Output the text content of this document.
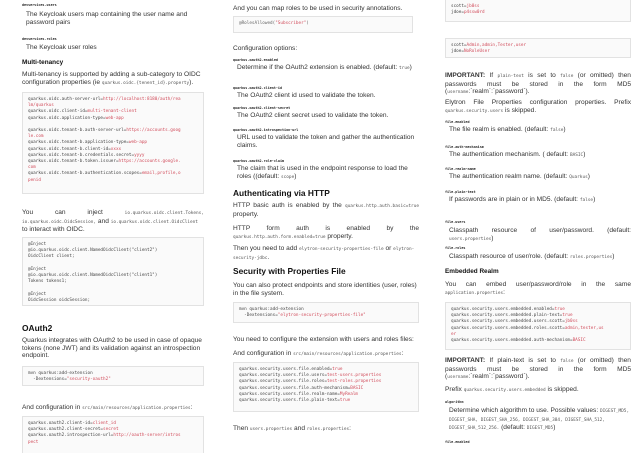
devservices.users
The Keycloak users map containing the user name and password pairs
devservices.roles
The Keycloak user roles
Multi-tenancy
Multi-tenancy is supported by adding a sub-category to OIDC configuration properties (ie quarkus.oidc.{tenent_id}.property).
quarkus.oidc.auth-server-url=http://localhost:8180/auth/rea
lm/quarkus
quarkus.oidc.client-id=multi-tenant-client
quarkus.oidc.application-type=web-app

quarkus.oidc.tenant-b.auth-server-url=https://accounts.goog
le.com
quarkus.oidc.tenant-b.application-type=web-app
quarkus.oidc.tenant-b.client-id=xxxx
quarkus.oidc.tenant-b.credentials.secret=yyyy
quarkus.oidc.tenant-b.token.issuer=https://accounts.google.
com
quarkus.oidc.tenant-b.authentication.scopes=email,profile,o
penid
You can inject	io.quarkus.oidc.client.Tokens,
io.quarkus.oidc.OidcSession, and io.quarkus.oidc.client.OidcClient
to interact with OIDC.
@Inject
@io.quarkus.oidc.client.NamedOidcClient("client2")
OidcClient client;

@Inject
@io.quarkus.oidc.client.NamedOidcClient("client1")
Tokens tokens1;

@Inject
OidcSession oidcSession;
OAuth2
Quarkus integrates with OAuth2 to be used in case of opaque tokens (none JWT) and its validation against an introspection endpoint.
mvn quarkus:add-extension
-Dextensions="security-oauth2"
And configuration in src/main/resources/application.properties:
quarkus.oauth2.client-id=client_id
quarkus.oauth2.client-secret=secret
quarkus.oauth2.introspection-url=http://oauth-server/intros
pect
And you can map roles to be used in security annotations.
@RolesAllowed("Subscriber")
Configuration options:
quarkus.oauth2.enabled
Determine if the OAuth2 extension is enabled. (default: true)
quarkus.oauth2.client-id
The OAuth2 client id used to validate the token.
quarkus.oauth2.client-secret
The OAuth2 client secret used to validate the token.
quarkus.oauth2.introspection-url
URL used to validate the token and gather the authentication claims.
quarkus.oauth2.role-claim
The claim that is used in the endpoint response to load the roles ((default: scope)
Authenticating via HTTP
HTTP basic auth is enabled by the quarkus.http.auth.basic=true
property.
HTTP form auth is enabled by the
quarkus.http.auth.form.enabled=true property.
Then you need to add elytron-security-properties-file or elytron-security-jdbc.
Security with Properties File
You can also protect endpoints and store identities (user, roles) in the file system.
mvn quarkus:add-extension
-Dextensions="elytron-security-properties-file"
You need to configure the extension with users and roles files:
And configuration in src/main/resources/application.properties:
quarkus.security.users.file.enabled=true
quarkus.security.users.file.users=test-users.properties
quarkus.security.users.file.roles=test-roles.properties
quarkus.security.users.file.auth-mechanism=BASIC
quarkus.security.users.file.realm-name=MyRealm
quarkus.security.users.file.plain-text=true
Then users.properties and roles.properties:
scott=jb0ss
jdoe=p4ssw0rd
scott=Admin,admin,Tester,user
jdoe=NoRoleUser
IMPORTANT: If plain-text is set to false (or omitted) then
passwords must be stored in the form MD5
(username:`realm`:`password`).
Elytron File Properties configuration properties. Prefix
quarkus.security.users is skipped.
file.enabled
The file realm is enabled. (default: false)
file.auth-mechanism
The authentication mechanism. ( default: BASIC)
file.realm-name
The authentication realm name. (default: Quarkus)
file.plain-text
If passwords are in plain or in MD5. (default: false)
file.users
Classpath resource of user/password. (default:
users.properties)
file.roles
Classpath resource of user/role. (default: roles.properties)
Embedded Realm
You can embed user/password/role in the same
application.properties:
quarkus.security.users.embedded.enabled=true
quarkus.security.users.embedded.plain-text=true
quarkus.security.users.embedded.users.scott=jb0ss
quarkus.security.users.embedded.roles.scott=admin,tester,us
er
quarkus.security.users.embedded.auth-mechanism=BASIC
IMPORTANT: If plain-text is set to false (or omitted) then
passwords must be stored in the form MD5
(username:`realm`:`password`).
Prefix quarkus.security.users.embedded is skipped.
algorithm
Determine which algorithm to use. Possible values: DIGEST_MD5, DIGEST_SHA, DIGEST_SHA_256, DIGEST_SHA_384, DIGEST_SHA_512, DIGEST_SHA_512_256. (default: DIGEST_MD5)
file.enabled
